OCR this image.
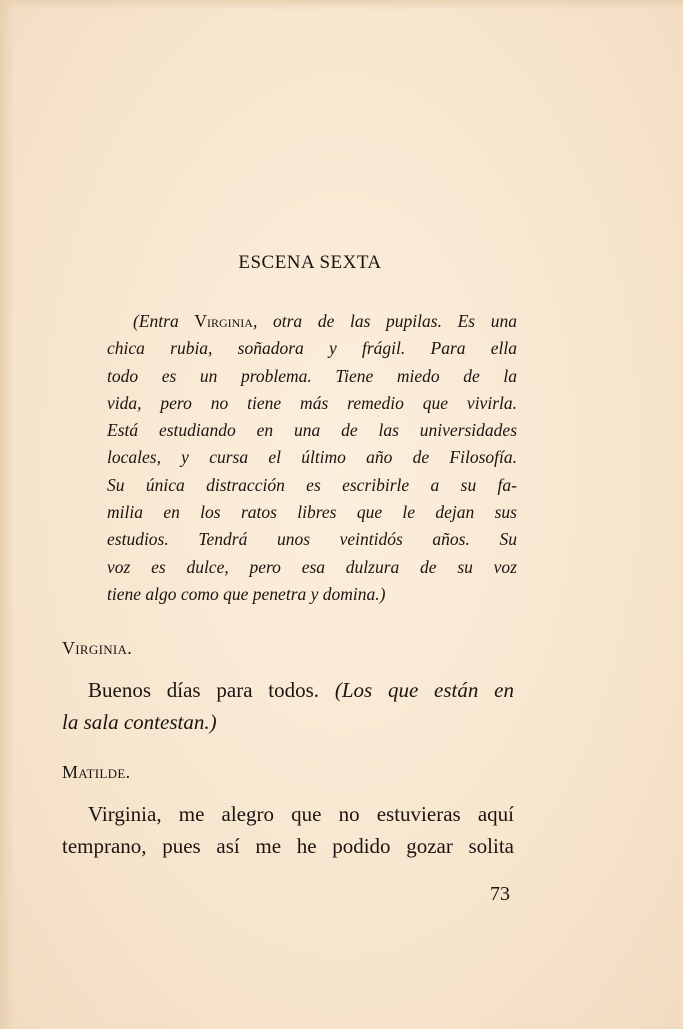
ESCENA SEXTA
(Entra Virginia, otra de las pupilas. Es una
chica rubia, soñadora y frágil. Para ella
todo es un problema. Tiene miedo de la
vida, pero no tiene más remedio que vivirla.
Está estudiando en una de las universidades
locales, y cursa el último año de Filosofía.
Su única distracción es escribirle a su fa-
milia en los ratos libres que le dejan sus
estudios. Tendrá unos veintidós años. Su
voz es dulce, pero esa dulzura de su voz
tiene algo como que penetra y domina.)
Virginia.
Buenos días para todos. (Los que están en
la sala contestan.)
Matilde.
Virginia, me alegro que no estuvieras aquí
temprano, pues así me he podido gozar solita
73
